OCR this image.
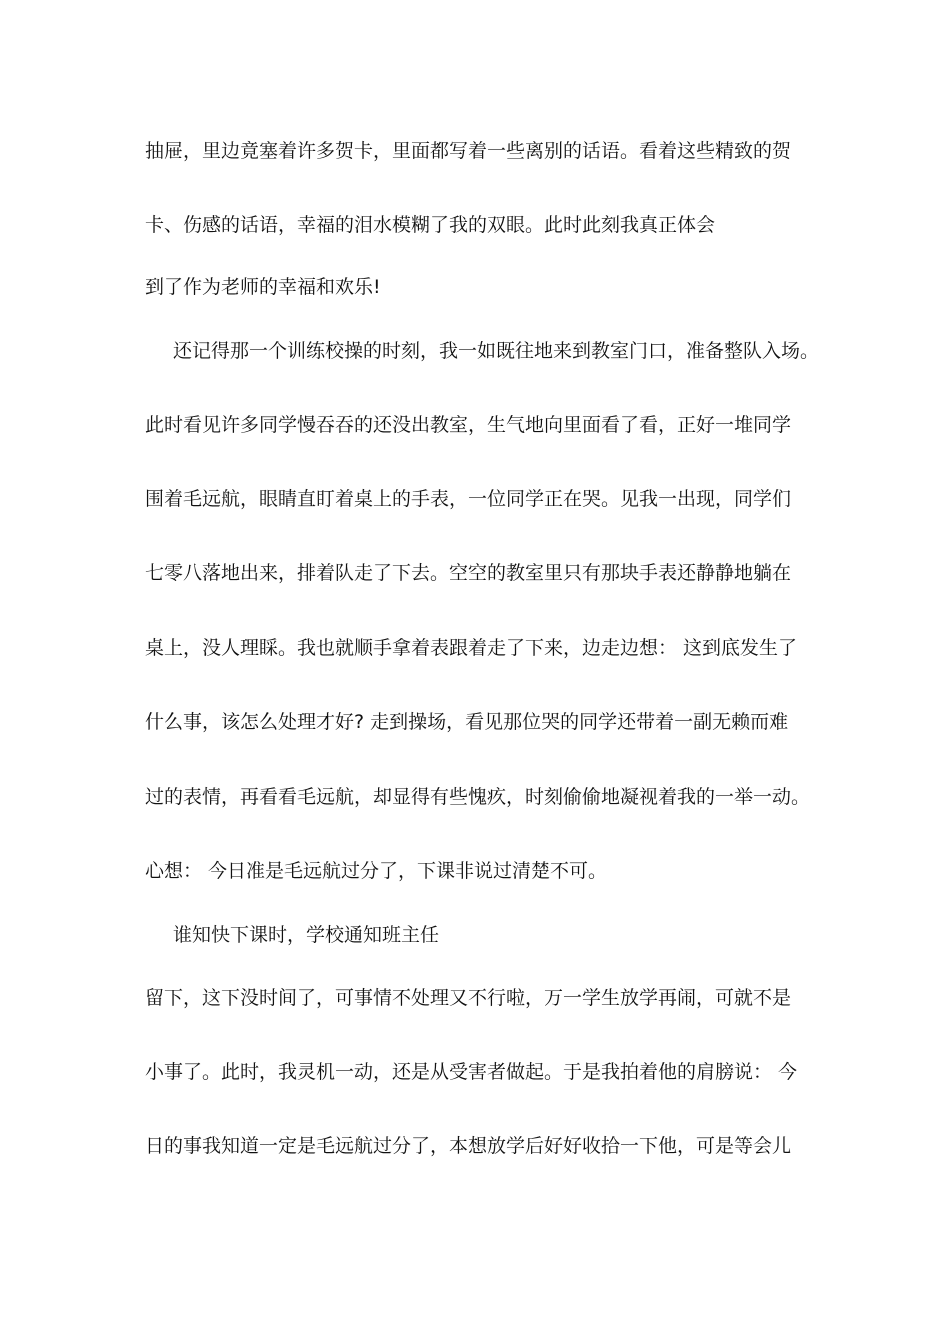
抽屉，里边竟塞着许多贺卡，里面都写着一些离别的话语。看着这些精致的贺
卡、伤感的话语，幸福的泪水模糊了我的双眼。此时此刻我真正体会
到了作为老师的幸福和欢乐!
还记得那一个训练校操的时刻，我一如既往地来到教室门口，准备整队入场。
此时看见许多同学慢吞吞的还没出教室，生气地向里面看了看，正好一堆同学
围着毛远航，眼睛直盯着桌上的手表，一位同学正在哭。见我一出现，同学们
七零八落地出来，排着队走了下去。空空的教室里只有那块手表还静静地躺在
桌上，没人理睬。我也就顺手拿着表跟着走了下来，边走边想： 这到底发生了
什么事，该怎么处理才好? 走到操场，看见那位哭的同学还带着一副无赖而难
过的表情，再看看毛远航，却显得有些愧疚，时刻偷偷地凝视着我的一举一动。
心想： 今日准是毛远航过分了，下课非说过清楚不可。
谁知快下课时，学校通知班主任
留下，这下没时间了，可事情不处理又不行啦，万一学生放学再闹，可就不是
小事了。此时，我灵机一动，还是从受害者做起。于是我拍着他的肩膀说： 今
日的事我知道一定是毛远航过分了，本想放学后好好收拾一下他，可是等会儿
